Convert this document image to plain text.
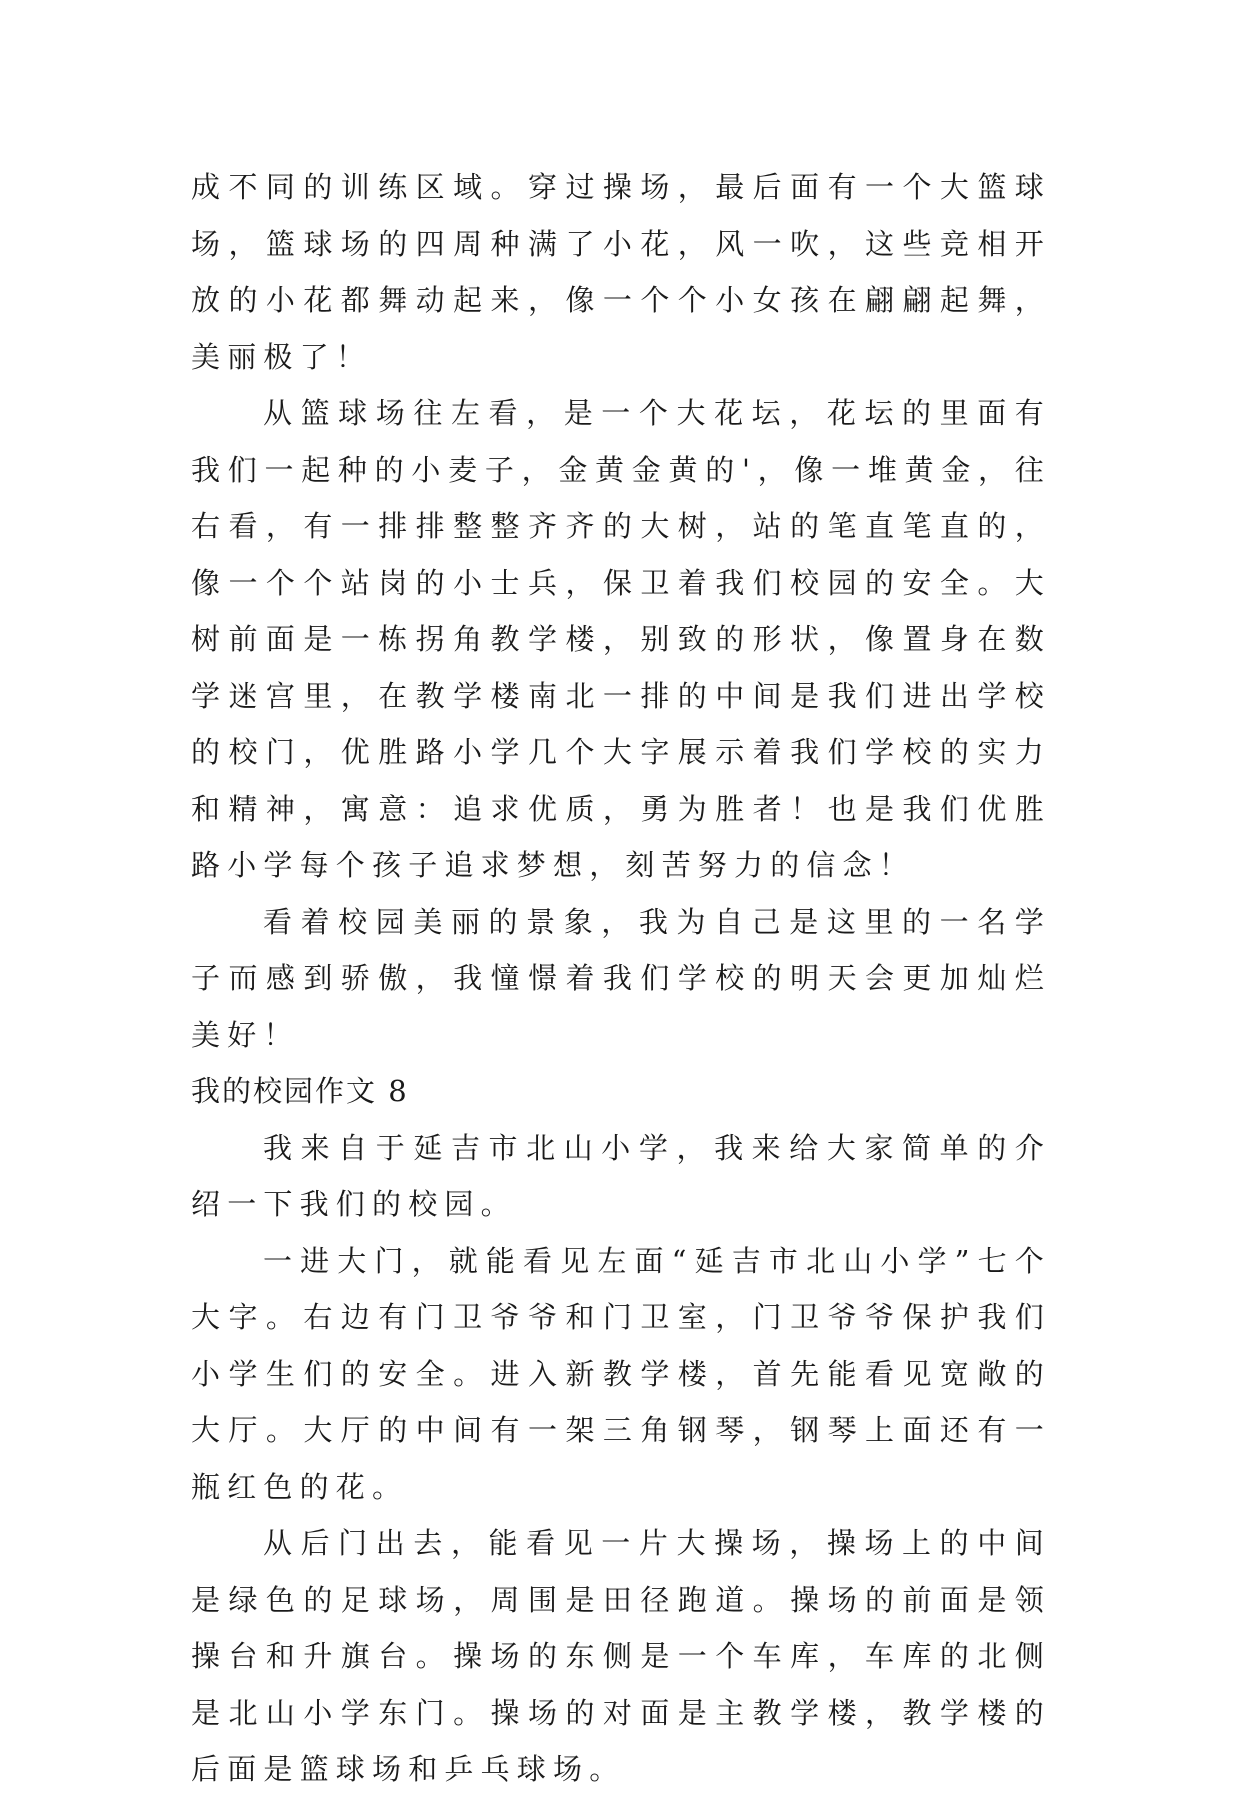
成不同的训练区域。穿过操场，最后面有一个大篮球场，篮球场的四周种满了小花，风一吹，这些竞相开放的小花都舞动起来，像一个个小女孩在翩翩起舞，美丽极了！

从篮球场往左看，是一个大花坛，花坛的里面有我们一起种的小麦子，金黄金黄的'，像一堆黄金，往右看，有一排排整整齐齐的大树，站的笔直笔直的，像一个个站岗的小士兵，保卫着我们校园的安全。大树前面是一栋拐角教学楼，别致的形状，像置身在数学迷宫里，在教学楼南北一排的中间是我们进出学校的校门，优胜路小学几个大字展示着我们学校的实力和精神，寓意：追求优质，勇为胜者！也是我们优胜路小学每个孩子追求梦想，刻苦努力的信念！

看着校园美丽的景象，我为自己是这里的一名学子而感到骄傲，我憧憬着我们学校的明天会更加灿烂美好！

我的校园作文 8

我来自于延吉市北山小学，我来给大家简单的介绍一下我们的校园。

一进大门，就能看见左面“延吉市北山小学”七个大字。右边有门卫爷爷和门卫室，门卫爷爷保护我们小学生们的安全。进入新教学楼，首先能看见宽敞的大厅。大厅的中间有一架三角钢琴，钢琴上面还有一瓶红色的花。

从后门出去，能看见一片大操场，操场上的中间是绿色的足球场，周围是田径跑道。操场的前面是领操台和升旗台。操场的东侧是一个车库，车库的北侧是北山小学东门。操场的对面是主教学楼，教学楼的后面是篮球场和乒乓球场。
